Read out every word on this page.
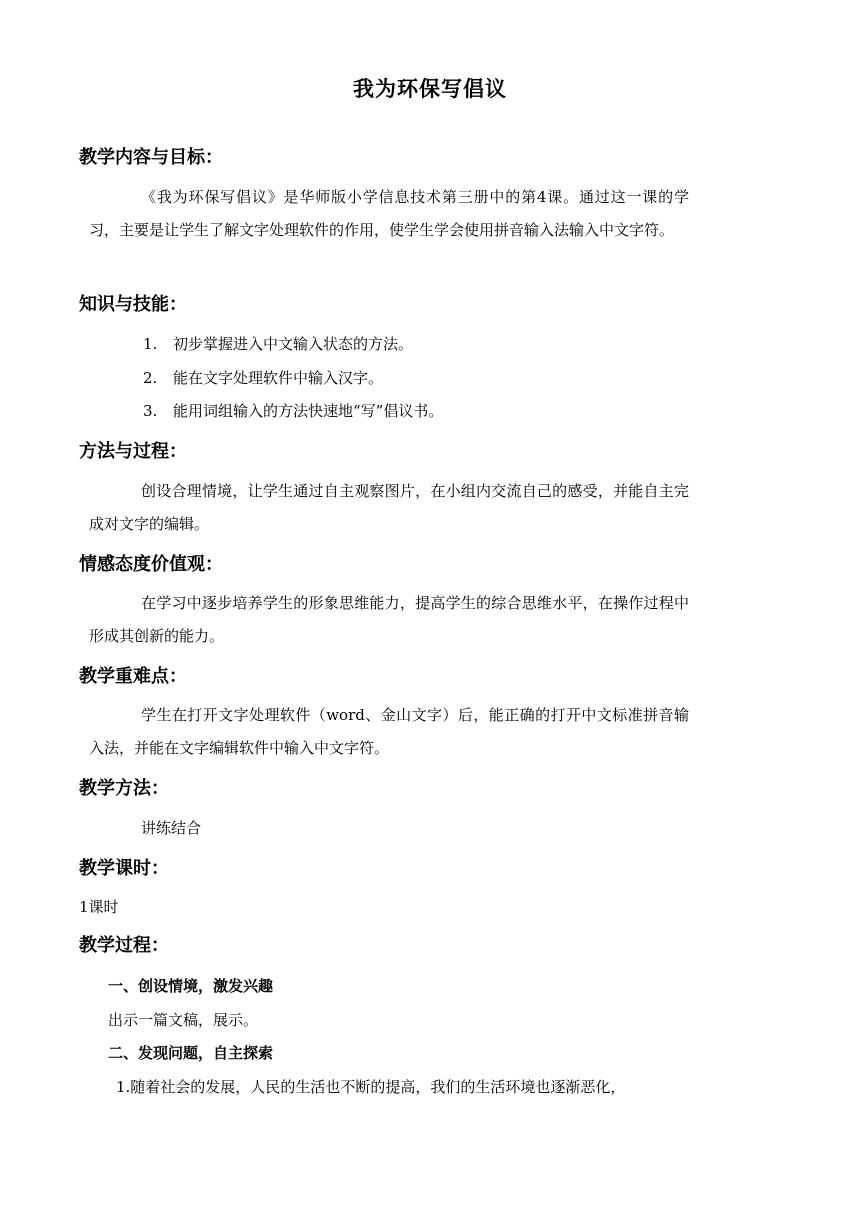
我为环保写倡议
教学内容与目标：
《我为环保写倡议》是华师版小学信息技术第三册中的第4课。通过这一课的学习，主要是让学生了解文字处理软件的作用，使学生学会使用拼音输入法输入中文字符。
知识与技能：
1. 初步掌握进入中文输入状态的方法。
2. 能在文字处理软件中输入汉字。
3. 能用词组输入的方法快速地“写”倡议书。
方法与过程：
创设合理情境，让学生通过自主观察图片，在小组内交流自己的感受，并能自主完成对文字的编辑。
情感态度价值观：
在学习中逐步培养学生的形象思维能力，提高学生的综合思维水平，在操作过程中形成其创新的能力。
教学重难点：
学生在打开文字处理软件（word、金山文字）后，能正确的打开中文标准拼音输入法，并能在文字编辑软件中输入中文字符。
教学方法：
讲练结合
教学课时：
1课时
教学过程：
一、创设情境，激发兴趣
出示一篇文稿，展示。
二、发现问题，自主探索
1.随着社会的发展，人民的生活也不断的提高，我们的生活环境也逐渐恶化，
